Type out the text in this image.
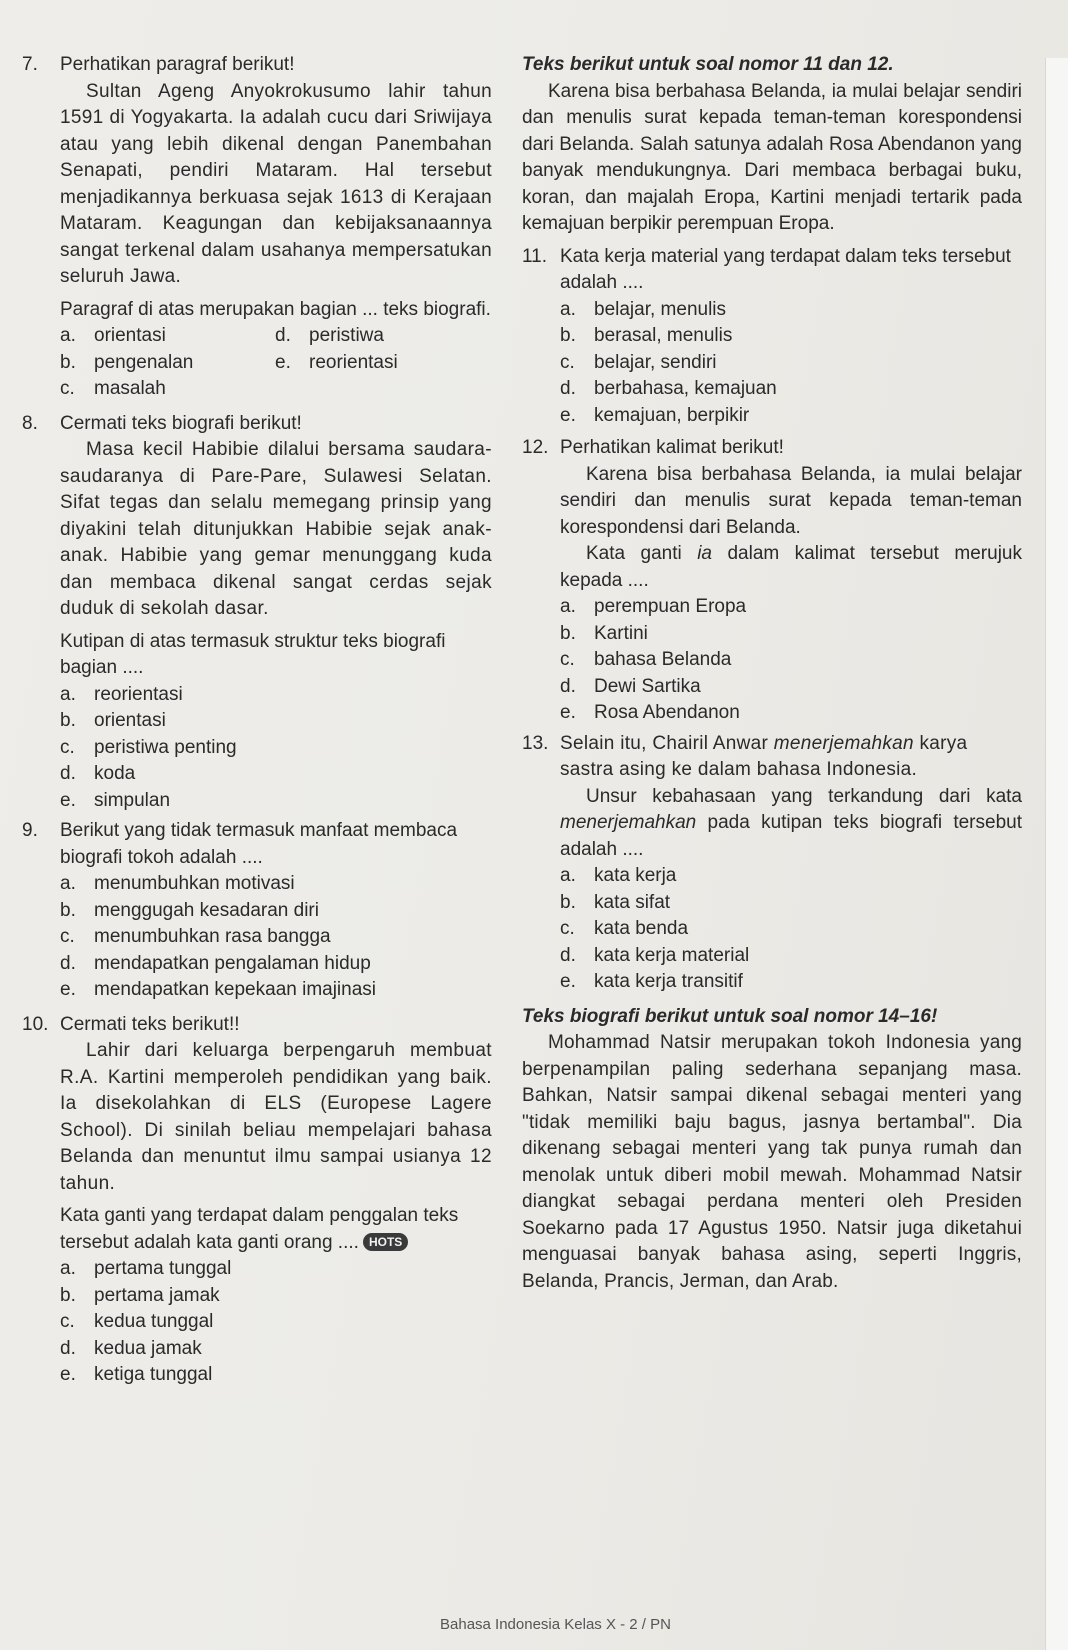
7.	Perhatikan paragraf berikut!
Sultan Ageng Anyokrokusumo lahir tahun 1591 di Yogyakarta. Ia adalah cucu dari Sriwijaya atau yang lebih dikenal dengan Panembahan Senapati, pendiri Mataram. Hal tersebut menjadikannya berkuasa sejak 1613 di Kerajaan Mataram. Keagungan dan kebijaksanaannya sangat terkenal dalam usahanya mempersatukan seluruh Jawa.
Paragraf di atas merupakan bagian ... teks biografi.
a. orientasi	d. peristiwa
b. pengenalan	e. reorientasi
c.	masalah
8.	Cermati teks biografi berikut!
Masa kecil Habibie dilalui bersama saudara-saudaranya di Pare-Pare, Sulawesi Selatan. Sifat tegas dan selalu memegang prinsip yang diyakini telah ditunjukkan Habibie sejak anak-anak. Habibie yang gemar menunggang kuda dan membaca dikenal sangat cerdas sejak duduk di sekolah dasar.
Kutipan di atas termasuk struktur teks biografi bagian ....
a. reorientasi
b. orientasi
c.	peristiwa penting
d. koda
e. simpulan
9.	Berikut yang tidak termasuk manfaat membaca biografi tokoh adalah ....
a. menumbuhkan motivasi
b. menggugah kesadaran diri
c.	menumbuhkan rasa bangga
d. mendapatkan pengalaman hidup
e. mendapatkan kepekaan imajinasi
10. Cermati teks berikut!!
Lahir dari keluarga berpengaruh membuat R.A. Kartini memperoleh pendidikan yang baik. Ia disekolahkan di ELS (Europese Lagere School). Di sinilah beliau mempelajari bahasa Belanda dan menuntut ilmu sampai usianya 12 tahun.
Kata ganti yang terdapat dalam penggalan teks tersebut adalah kata ganti orang .... HOTS
a. pertama tunggal
b. pertama jamak
c.	kedua tunggal
d. kedua jamak
e. ketiga tunggal
Teks berikut untuk soal nomor 11 dan 12.
Karena bisa berbahasa Belanda, ia mulai belajar sendiri dan menulis surat kepada teman-teman korespondensi dari Belanda. Salah satunya adalah Rosa Abendanon yang banyak mendukungnya. Dari membaca berbagai buku, koran, dan majalah Eropa, Kartini menjadi tertarik pada kemajuan berpikir perempuan Eropa.
11. Kata kerja material yang terdapat dalam teks tersebut adalah ....
a. belajar, menulis
b. berasal, menulis
c.	belajar, sendiri
d. berbahasa, kemajuan
e. kemajuan, berpikir
12. Perhatikan kalimat berikut!
Karena bisa berbahasa Belanda, ia mulai belajar sendiri dan menulis surat kepada teman-teman korespondensi dari Belanda.
Kata ganti ia dalam kalimat tersebut merujuk kepada ....
a. perempuan Eropa
b. Kartini
c.	bahasa Belanda
d. Dewi Sartika
e. Rosa Abendanon
13. Selain itu, Chairil Anwar menerjemahkan karya sastra asing ke dalam bahasa Indonesia.
Unsur kebahasaan yang terkandung dari kata menerjemahkan pada kutipan teks biografi tersebut adalah ....
a. kata kerja
b. kata sifat
c.	kata benda
d. kata kerja material
e. kata kerja transitif
Teks biografi berikut untuk soal nomor 14–16!
Mohammad Natsir merupakan tokoh Indonesia yang berpenampilan paling sederhana sepanjang masa. Bahkan, Natsir sampai dikenal sebagai menteri yang "tidak memiliki baju bagus, jasnya bertambal". Dia dikenang sebagai menteri yang tak punya rumah dan menolak untuk diberi mobil mewah. Mohammad Natsir diangkat sebagai perdana menteri oleh Presiden Soekarno pada 17 Agustus 1950. Natsir juga diketahui menguasai banyak bahasa asing, seperti Inggris, Belanda, Prancis, Jerman, dan Arab.
Bahasa Indonesia Kelas X - 2 / PN
